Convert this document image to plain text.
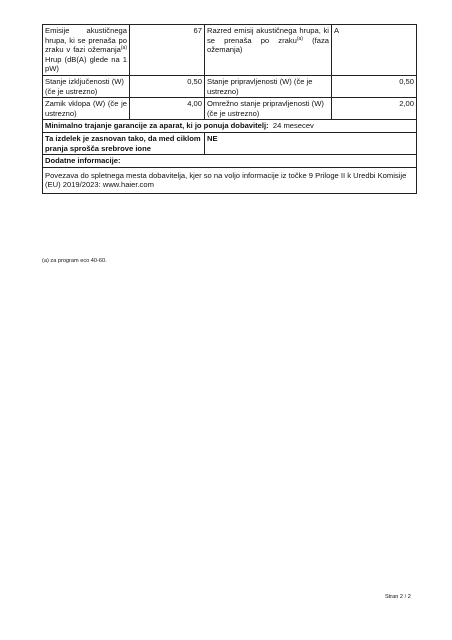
Emisije akustičnega hrupa, ki se prenaša po zraku v fazi ožemanja$^{(a)}$ Hrup (dB(A) glede na 1 pW)	67	Razred emisij akustičnega hrupa, ki se prenaša po zraku$^{(a)}$ (faza ožemanja)	A
Stanje izključenosti (W) (če je ustrezno)	0,50	Stanje pripravljenosti (W) (če je ustrezno)	0,50
Zamik vklopa (W) (če je ustrezno)	4,00	Omrežno stanje pripravljenosti (W) (če je ustrezno)	2,00
Minimalno trajanje garancije za aparat, ki jo ponuja dobavitelj: 24 mesecev			
Ta izdelek je zasnovan tako, da med ciklom pranja sprošča srebrove ione		NE	
Dodatne informacije:			
Povezava do spletnega mesta dobavitelja, kjer so na voljo informacije iz točke 9 Priloge II k Uredbi Komisije (EU) 2019/2023: www.haier.com			
(a) za program eco 40-60.
Stran 2 / 2
